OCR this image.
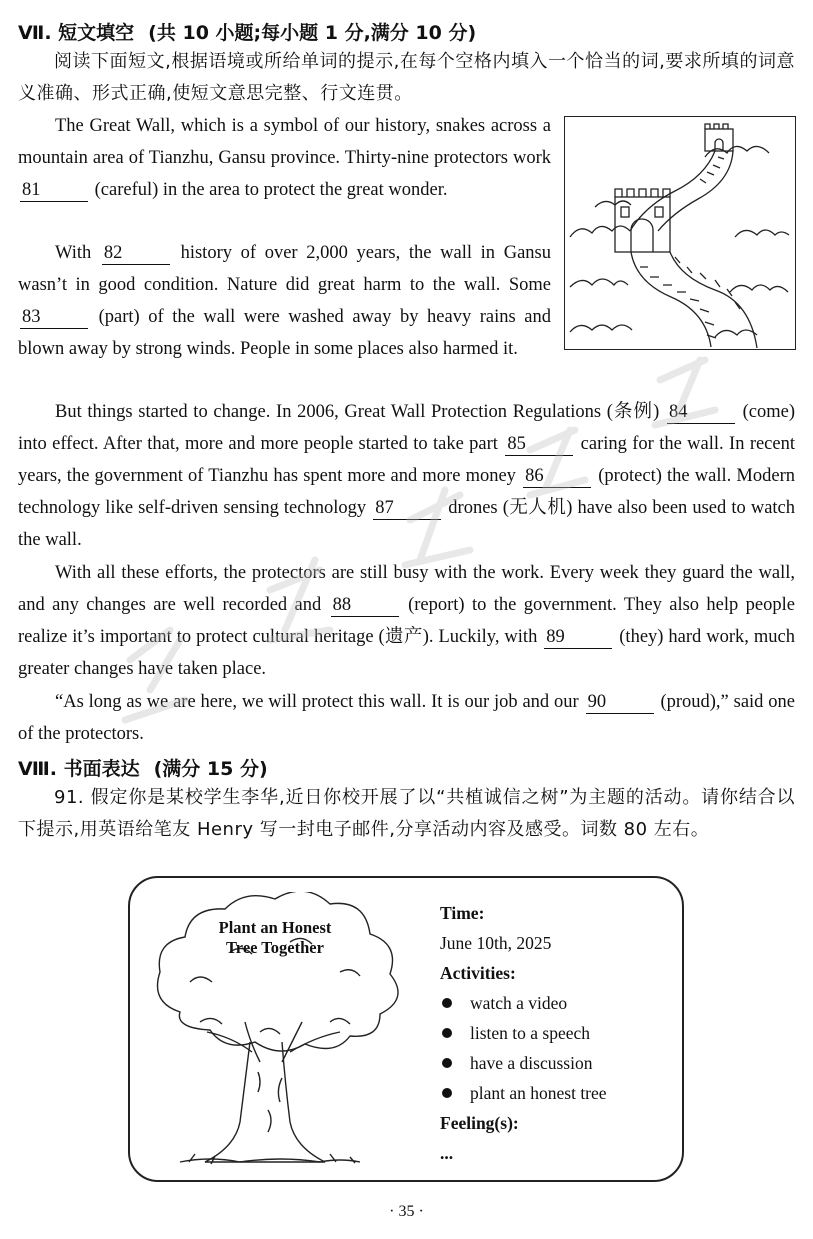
Ⅶ. 短文填空 (共 10 小题;每小题 1 分,满分 10 分)
阅读下面短文,根据语境或所给单词的提示,在每个空格内填入一个恰当的词,要求所填的词意义准确、形式正确,使短文意思完整、行文连贯。
The Great Wall, which is a symbol of our history, snakes across a mountain area of Tianzhu, Gansu province. Thirty-nine protectors work 81	(careful) in the area to protect the great wonder.
With 82	history of over 2,000 years, the wall in Gansu wasn’t in good condition. Nature did great harm to the wall. Some 83	(part) of the wall were washed away by heavy rains and blown away by strong winds. People in some places also harmed it.
But things started to change. In 2006, Great Wall Protection Regulations (条例) 84	(come) into effect. After that, more and more people started to take part 85	caring for the wall. In recent years, the government of Tianzhu has spent more and more money 86	(protect) the wall. Modern technology like self-driven sensing technology 87	drones (无人机) have also been used to watch the wall.
With all these efforts, the protectors are still busy with the work. Every week they guard the wall, and any changes are well recorded and 88	(report) to the government. They also help people realize it’s important to protect cultural heritage (遗产). Luckily, with 89	(they) hard work, much greater changes have taken place.
“As long as we are here, we will protect this wall. It is our job and our 90	(proud),” said one of the protectors.
Ⅷ. 书面表达 (满分 15 分)
91. 假定你是某校学生李华,近日你校开展了以“共植诚信之树”为主题的活动。请你结合以下提示,用英语给笔友 Henry 写一封电子邮件,分享活动内容及感受。词数 80 左右。
Plant an Honest
Tree Together
Time:
June 10th, 2025
Activities:
watch a video
listen to a speech
have a discussion
plant an honest tree
Feeling(s):
...
· 35 ·
